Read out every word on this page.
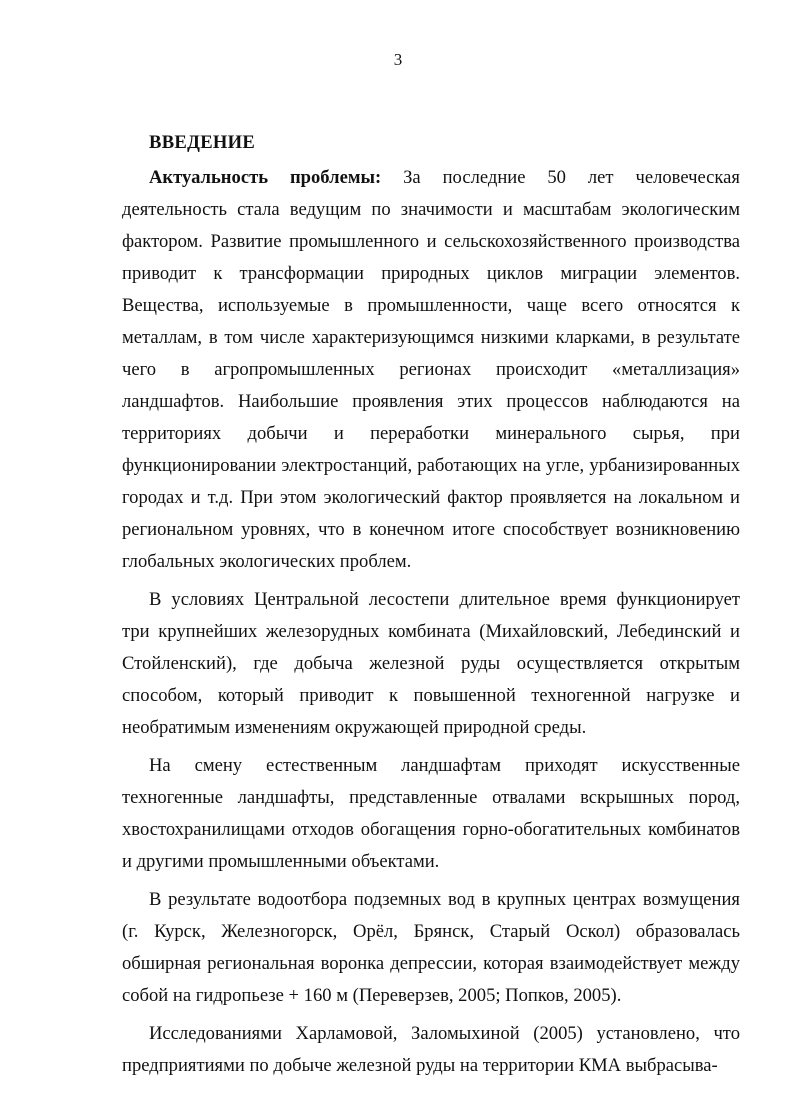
3
ВВЕДЕНИЕ

Актуальность проблемы: За последние 50 лет человеческая деятельность стала ведущим по значимости и масштабам экологическим фактором. Развитие промышленного и сельскохозяйственного производства приводит к трансформации природных циклов миграции элементов. Вещества, используемые в промышленности, чаще всего относятся к металлам, в том числе характеризующимся низкими кларками, в результате чего в агропромышленных регионах происходит «металлизация» ландшафтов. Наибольшие проявления этих процессов наблюдаются на территориях добычи и переработки минерального сырья, при функционировании электростанций, работающих на угле, урбанизированных городах и т.д. При этом экологический фактор проявляется на локальном и региональном уровнях, что в конечном итоге способствует возникновению глобальных экологических проблем.

В условиях Центральной лесостепи длительное время функционирует три крупнейших железорудных комбината (Михайловский, Лебединский и Стойленский), где добыча железной руды осуществляется открытым способом, который приводит к повышенной техногенной нагрузке и необратимым изменениям окружающей природной среды.

На смену естественным ландшафтам приходят искусственные техногенные ландшафты, представленные отвалами вскрышных пород, хвостохранилищами отходов обогащения горно-обогатительных комбинатов и другими промышленными объектами.

В результате водоотбора подземных вод в крупных центрах возмущения (г. Курск, Железногорск, Орёл, Брянск, Старый Оскол) образовалась обширная региональная воронка депрессии, которая взаимодействует между собой на гидропьезе + 160 м (Переверзев, 2005; Попков, 2005).

Исследованиями Харламовой, Заломыхиной (2005) установлено, что предприятиями по добыче железной руды на территории КМА выбрасыва-
